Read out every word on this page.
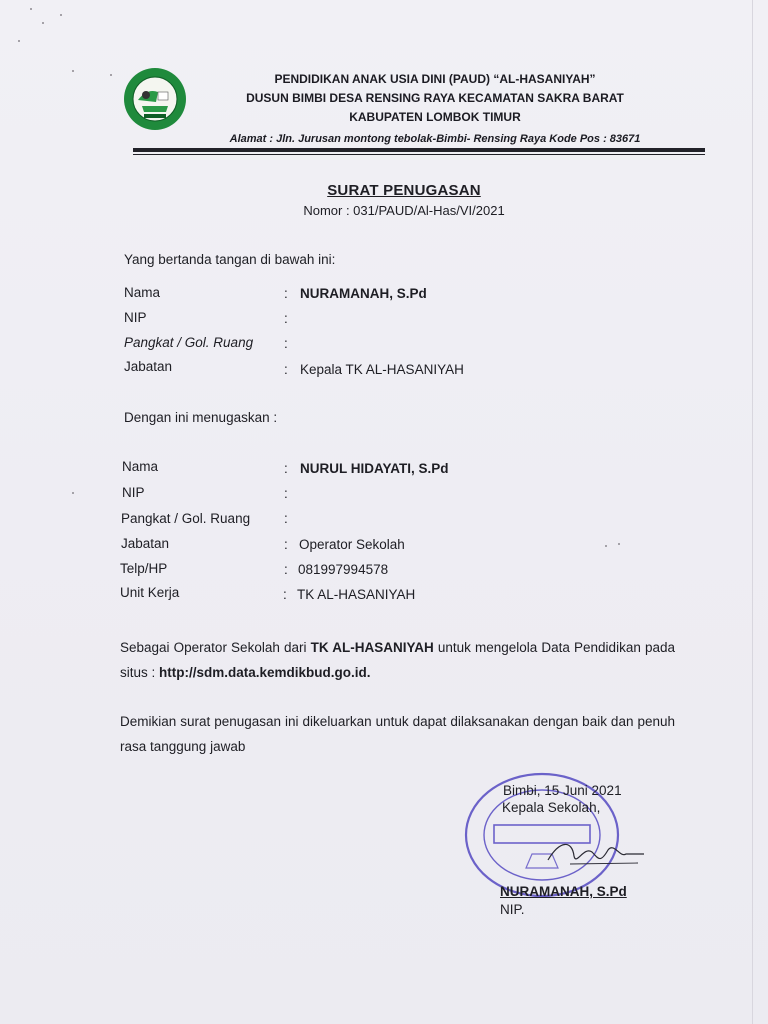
PENDIDIKAN ANAK USIA DINI (PAUD) “AL-HASANIYAH”
DUSUN BIMBI DESA RENSING RAYA KECAMATAN SAKRA BARAT
KABUPATEN LOMBOK TIMUR
Alamat : Jln. Jurusan montong tebolak-Bimbi- Rensing Raya Kode Pos : 83671
SURAT PENUGASAN
Nomor : 031/PAUD/Al-Has/VI/2021
Yang bertanda tangan di bawah ini:
Nama	: NURAMANAH, S.Pd
NIP	:
Pangkat / Gol. Ruang :
Jabatan	: Kepala TK AL-HASANIYAH
Dengan ini menugaskan :
Nama	: NURUL HIDAYATI, S.Pd
NIP	:
Pangkat / Gol. Ruang	:
Jabatan	: Operator Sekolah
Telp/HP	: 081997994578
Unit Kerja	: TK AL-HASANIYAH
Sebagai Operator Sekolah dari TK AL-HASANIYAH untuk mengelola Data Pendidikan pada situs : http://sdm.data.kemdikbud.go.id.
Demikian surat penugasan ini dikeluarkan untuk dapat dilaksanakan dengan baik dan penuh rasa tanggung jawab
Bimbi, 15 Juni 2021
Kepala Sekolah,
NURAMANAH, S.Pd
NIP.
